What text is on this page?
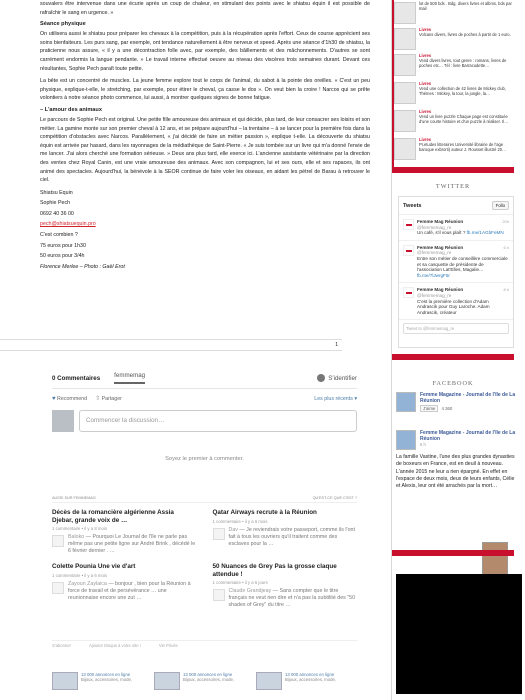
souvalers être intervenue dans une écurie après un coup de chaleur, en stimulant des points avec le shiatsu équin il est possible de rafraîchir le sang en urgence. »

Séance physique

On utilisera aussi le shiatsu pour préparer les chevaux à la compétition, puis à la récupération après l'effort. Ceux de course apprécient ses soins bienfaiteurs. Les purs sang, par exemple, ont tendance naturellement à être nerveux et speed. Après une séance d'1h30 de shiatsu, la praticienne nous assure, « il y a une décontraction folle avec, par exemple, des bâillements et des mâchonnements. D'autres se sont carrément endormis la langue pendante. » Le travail interne effectué oeuvre au niveau des viscères trois semaines durant. Devant ces résultantes, Sophie Pech paraît toute petite.

La bête est un concentré de muscles. La jeune femme explore tout le corps de l'animal, du sabot à la pointe des oreilles. « C'est un peu physique, explique-t-elle, le stretching, par exemple, pour étirer le cheval, ça casse le dos ». On veut bien la croire ! Narcos qui se prête volontiers à notre séance photo commence, lui aussi, à montrer quelques signes de bonne fatigue.

– L'amour des animaux

Le parcours de Sophie Pech est original. Une petite fille amoureuse des animaux et qui décide, plus tard, de leur consacrer ses loisirs et son métier. La gamine monte sur son premier cheval à 12 ans, et se prépare aujourd'hui – la trentaine – à se lancer pour la première fois dans la compétition d'obstacles avec Narcos. Parallèlement, « j'ai décidé de faire un métier passion », explique t-elle. La découverte du shiatsu équin est arrivée par hasard, dans les rayonnages de la médiathèque de Saint-Pierre. « Je suis tombée sur un livre qui m'a donné l'envie de me lancer. J'ai alors cherché une formation sérieuse. » Deux ans plus tard, elle exerce ici. L'ancienne assistante vétérinaire par la direction des ventes chez Royal Canin, est une vraie amoureuse des animaux. Avec son compagnon, lui et ses ours, elle et ses rapaces, ils ont animé des spectacles. Aujourd'hui, la bénévole à la SEOR continue de faire voler les oiseaux, en aidant les pétrel de Barau à retrouver le ciel.

Shiatsu Equin

Sophie Pech

0692 40 36 00

pech@shiatsuequin.pro

C'est combien ?

75 euros pour 1h30

50 euros pour 3/4h

Florence Merlee – Photo : Gaël Erot

1
0 Commentaires femmemag	S'identifier
♥ Recommend ⇧ Partager	Les plus récents ▾
Commencer la discussion…
Soyez le premier à commenter.
AUSSI SUR FEMMEMAG	QU'EST-CE QUE C'EST ?
Décès de la romancière algérienne Assia Djebar, grande voix de …
1 commentaire • il y a 8 mois
Baloko — Pourquoi Le Journal de l'île ne parle pas même pas une petite ligne sur André Brink , décédé le 6 février dernier . …
Qatar Airways recrute à la Réunion
1 commentaire • il y a 6 mois
Dav — Je reviendrais votre passeport, comme ils l'ont fait à tous les ouvriers qu'il traitent comme des esclaves pour la …
Colette Pounia Une vie d'art
1 commentaire • il y a 6 mois
Zayoun Zaylaica — bonjour , bien pour la Réunion à force de travail et de persévérance … une reunionnaise encore une zut …
50 Nuances de Grey Pas la grosse claque attendue !
1 commentaire • il y a 6 jours
Claude Grandjeay — Sans compter que le titre français ne veut rien dire et n'a pas la subtilité des "50 shades of Grey" du titre …
S'abonner	Ajoutez Disqus à votre site !	Vie Privée
13 000 annonces en ligne
Bijoux, accessoires, mode,
13 000 annonces en ligne
Bijoux, accessoires, mode,
13 000 annonces en ligne
Bijoux, accessoires, mode,
lot de 500 bds . Bdg, divers livres et albms, bds par mail
Livres
Volcans divers, livres de poches à partir de 1 euro.
Livres
Vend divers livres, tout genre : romans, livres de poches etc… Tél : livre Barracudette…
Livres
Vend une collection de 42 livres de Mickey club, Thémes : Mickey, la tour, la jungle, la…
Livres
Vend un livre puzzle Chaque page est constituée d'une courte histoire et d'un puzzle à réaliser. Il…
Livres
Pr.etudes litteraires Université librairie de l'age baroque exbrorti) auteur J. Rousset illustré 20…
TWITTER
Tweets	Follo
20h
Femme Mag Réunion
@femmemag_re
Un café, s'il vous plaît ? fb.me/1AGbFeMN
6 h
Femme Mag Réunion
@femmemag_re
Entre son métier de conseillère commerciale et sa casquette de présidente de l'association Lat'Elles, Magalie… fb.me/7lJwrgF5r
8 h
Femme Mag Réunion
@femmemag_re
C'est la première collection d'Adam Andrascik pour Guy Laroche. Adam Andrascik, créateur
Tweet to @femmemag_re
FACEBOOK
Femme Magazine - Journal de l'île de La Réunion
J'aime 4 360
Femme Magazine - Journal de l'île de La Réunion
6 h
La famille Vastine, l'une des plus grandes dynasties de boxeurs en France, est en deuil à nouveau. L'année 2015 ne leur a rien épargné. En effet en l'espace de deux mois, deux de leurs enfants, Célie et Alexis, leur ont été arrachés par la mort…
